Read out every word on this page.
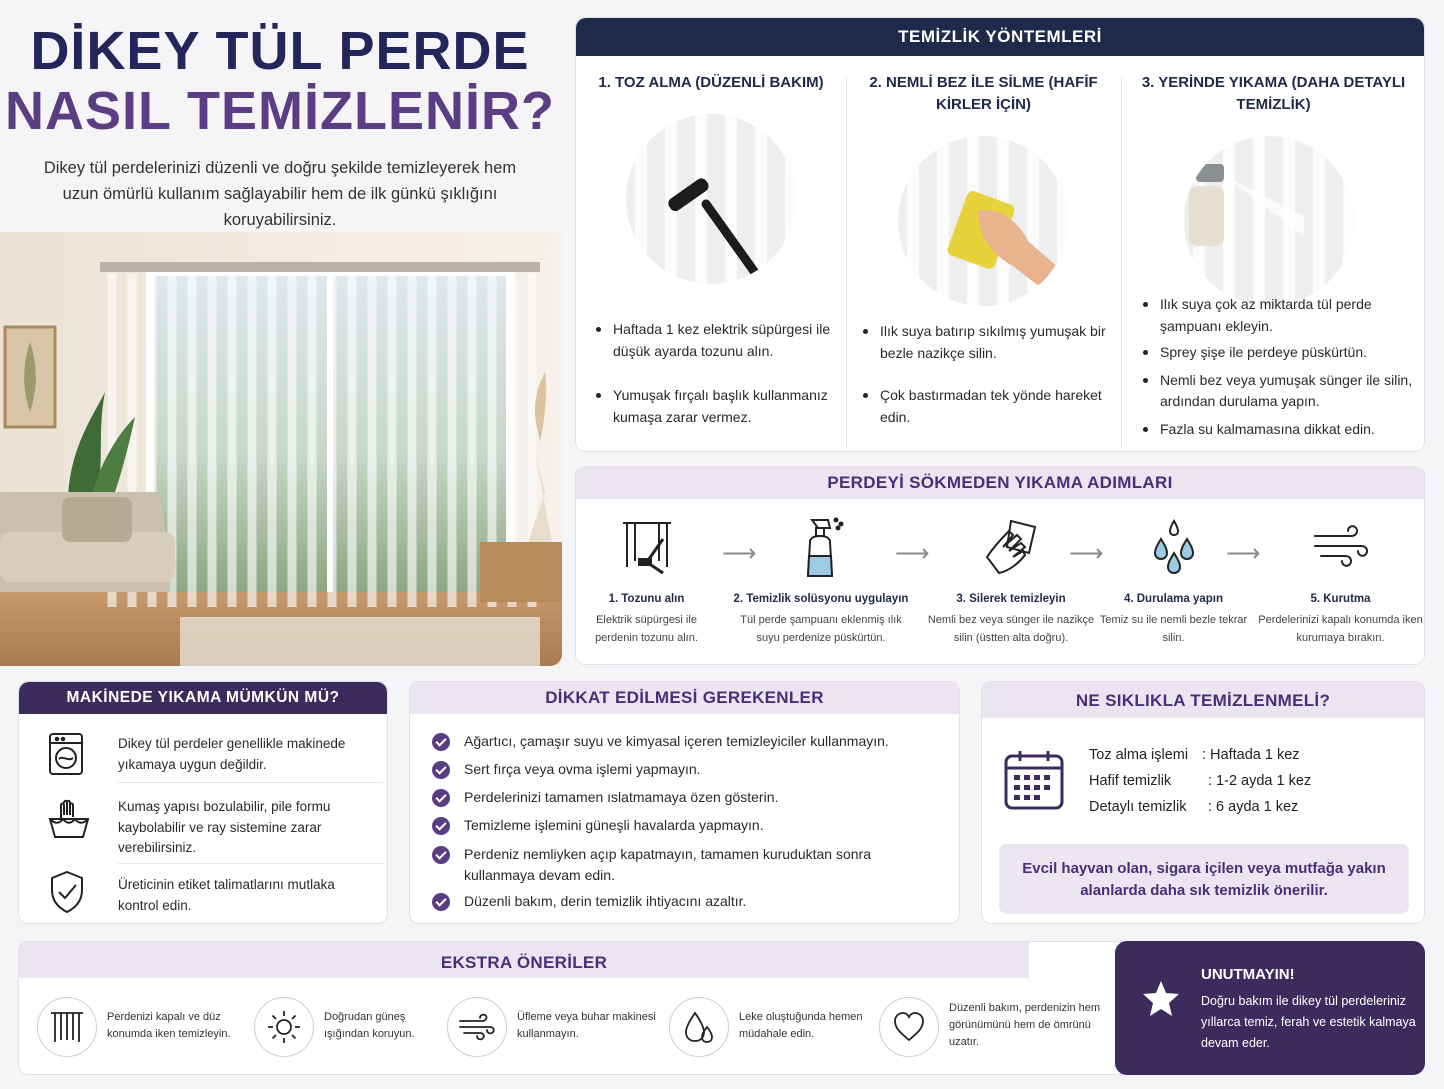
DİKEY TÜL PERDE
NASIL TEMİZLENİR?

Dikey tül perdelerinizi düzenli ve doğru şekilde temizleyerek hem uzun ömürlü kullanım sağlayabilir hem de ilk günkü şıklığını koruyabilirsiniz.

TEMİZLİK YÖNTEMLERİ
1. TOZ ALMA (DÜZENLİ BAKIM)
Haftada 1 kez elektrik süpürgesi ile düşük ayarda tozunu alın.
Yumuşak fırçalı başlık kullanmanız kumaşa zarar vermez.
2. NEMLİ BEZ İLE SİLME (HAFİF KİRLER İÇİN)
Ilık suya batırıp sıkılmış yumuşak bir bezle nazikçe silin.
Çok bastırmadan tek yönde hareket edin.
3. YERİNDE YIKAMA (DAHA DETAYLI TEMİZLİK)
Ilık suya çok az miktarda tül perde şampuanı ekleyin.
Sprey şişe ile perdeye püskürtün.
Nemli bez veya yumuşak sünger ile silin, ardından durulama yapın.
Fazla su kalmamasına dikkat edin.
PERDEYİ SÖKMEDEN YIKAMA ADIMLARI
1. Tozunu alın
Elektrik süpürgesi ile perdenin tozunu alın.
⟶
2. Temizlik solüsyonu uygulayın
Tül perde şampuanı eklenmiş ılık suyu perdenize püskürtün.
⟶
3. Silerek temizleyin
Nemli bez veya sünger ile nazikçe silin (üstten alta doğru).
⟶
4. Durulama yapın
Temiz su ile nemli bezle tekrar silin.
⟶
5. Kurutma
Perdelerinizi kapalı konumda iken kurumaya bırakın.
MAKİNEDE YIKAMA MÜMKÜN MÜ?
Dikey tül perdeler genellikle makinede yıkamaya uygun değildir.
Kumaş yapısı bozulabilir, pile formu kaybolabilir ve ray sistemine zarar verebilirsiniz.
Üreticinin etiket talimatlarını mutlaka kontrol edin.
DİKKAT EDİLMESİ GEREKENLER
Ağartıcı, çamaşır suyu ve kimyasal içeren temizleyiciler kullanmayın.
Sert fırça veya ovma işlemi yapmayın.
Perdelerinizi tamamen ıslatmamaya özen gösterin.
Temizleme işlemini güneşli havalarda yapmayın.
Perdeniz nemliyken açıp kapatmayın, tamamen kuruduktan sonra kullanmaya devam edin.
Düzenli bakım, derin temizlik ihtiyacını azaltır.
NE SIKLIKLA TEMİZLENMELİ?
Toz alma işlemi : Haftada 1 kez
Hafif temizlik	: 1-2 ayda 1 kez
Detaylı temizlik : 6 ayda 1 kez
Evcil hayvan olan, sigara içilen veya mutfağa yakın alanlarda daha sık temizlik önerilir.
EKSTRA ÖNERİLER
Perdenizi kapalı ve düz konumda iken temizleyin.
Doğrudan güneş ışığından koruyun.
Üfleme veya buhar makinesi kullanmayın.
Leke oluştuğunda hemen müdahale edin.
Düzenli bakım, perdenizin hem görünümünü hem de ömrünü uzatır.
UNUTMAYIN!
Doğru bakım ile dikey tül perdeleriniz yıllarca temiz, ferah ve estetik kalmaya devam eder.
